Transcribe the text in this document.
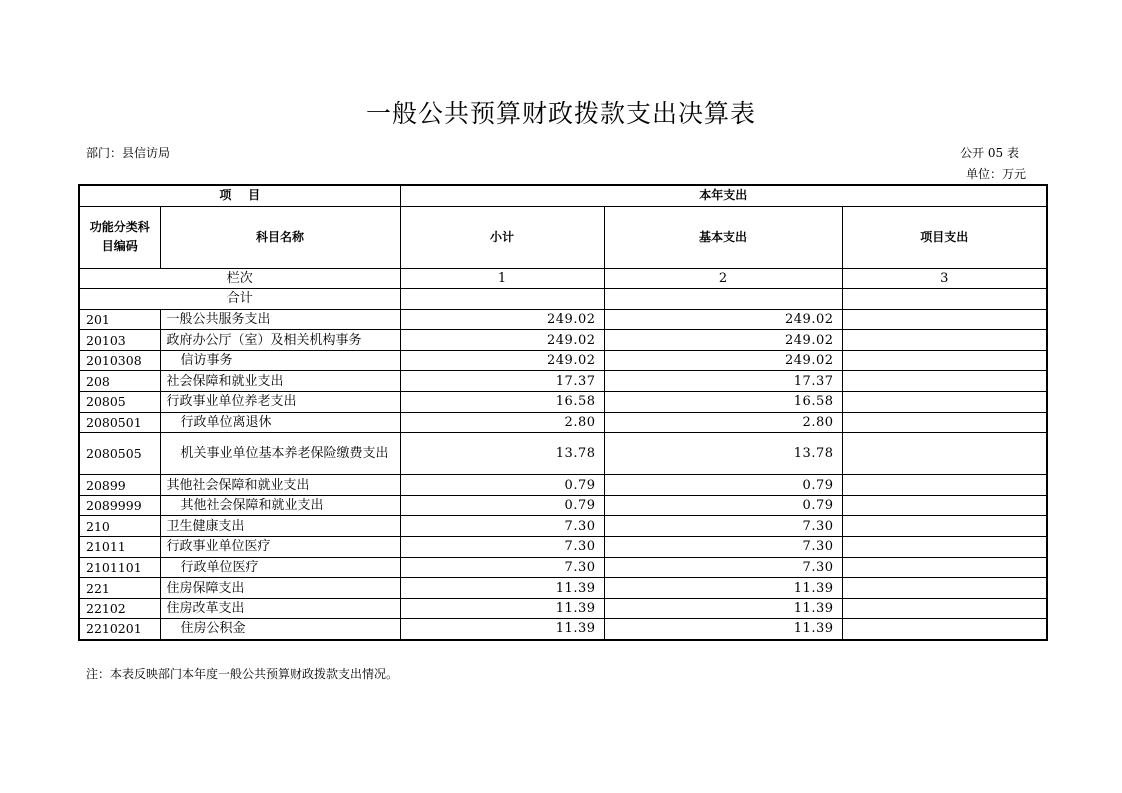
一般公共预算财政拨款支出决算表
部门：县信访局	公开 05 表
单位：万元
项    目		本年支出		
功能分类科目编码	科目名称	小计	基本支出	项目支出
栏次		1	2	3
合计				
201	一般公共服务支出	249.02	249.02	
20103	政府办公厅（室）及相关机构事务	249.02	249.02	
2010308	信访事务	249.02	249.02	
208	社会保障和就业支出	17.37	17.37	
20805	行政事业单位养老支出	16.58	16.58	
2080501	行政单位离退休	2.80	2.80	
2080505	机关事业单位基本养老保险缴费支出	13.78	13.78	
20899	其他社会保障和就业支出	0.79	0.79	
2089999	其他社会保障和就业支出	0.79	0.79	
210	卫生健康支出	7.30	7.30	
21011	行政事业单位医疗	7.30	7.30	
2101101	行政单位医疗	7.30	7.30	
221	住房保障支出	11.39	11.39	
22102	住房改革支出	11.39	11.39	
2210201	住房公积金	11.39	11.39	
注：本表反映部门本年度一般公共预算财政拨款支出情况。
